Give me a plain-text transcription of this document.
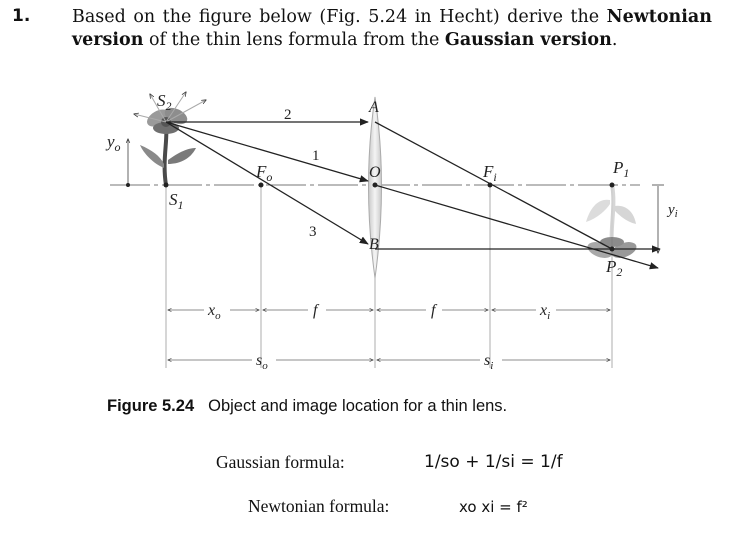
1. Based on the figure below (Fig. 5.24 in Hecht) derive the Newtonian version of the thin lens formula from the Gaussian version.
$S_2$
$S_1$
$y_o$
$F_o$
A
O
B
$F_i$	$P_1$
$P_2$
$y_i$
1
2
3
$x_o$	f	f	$x_i$
$s_o$	$s_i$
Figure 5.24 Object and image location for a thin lens.
Gaussian formula:	1/so + 1/si = 1/f
Newtonian formula:	xo xi = f²
